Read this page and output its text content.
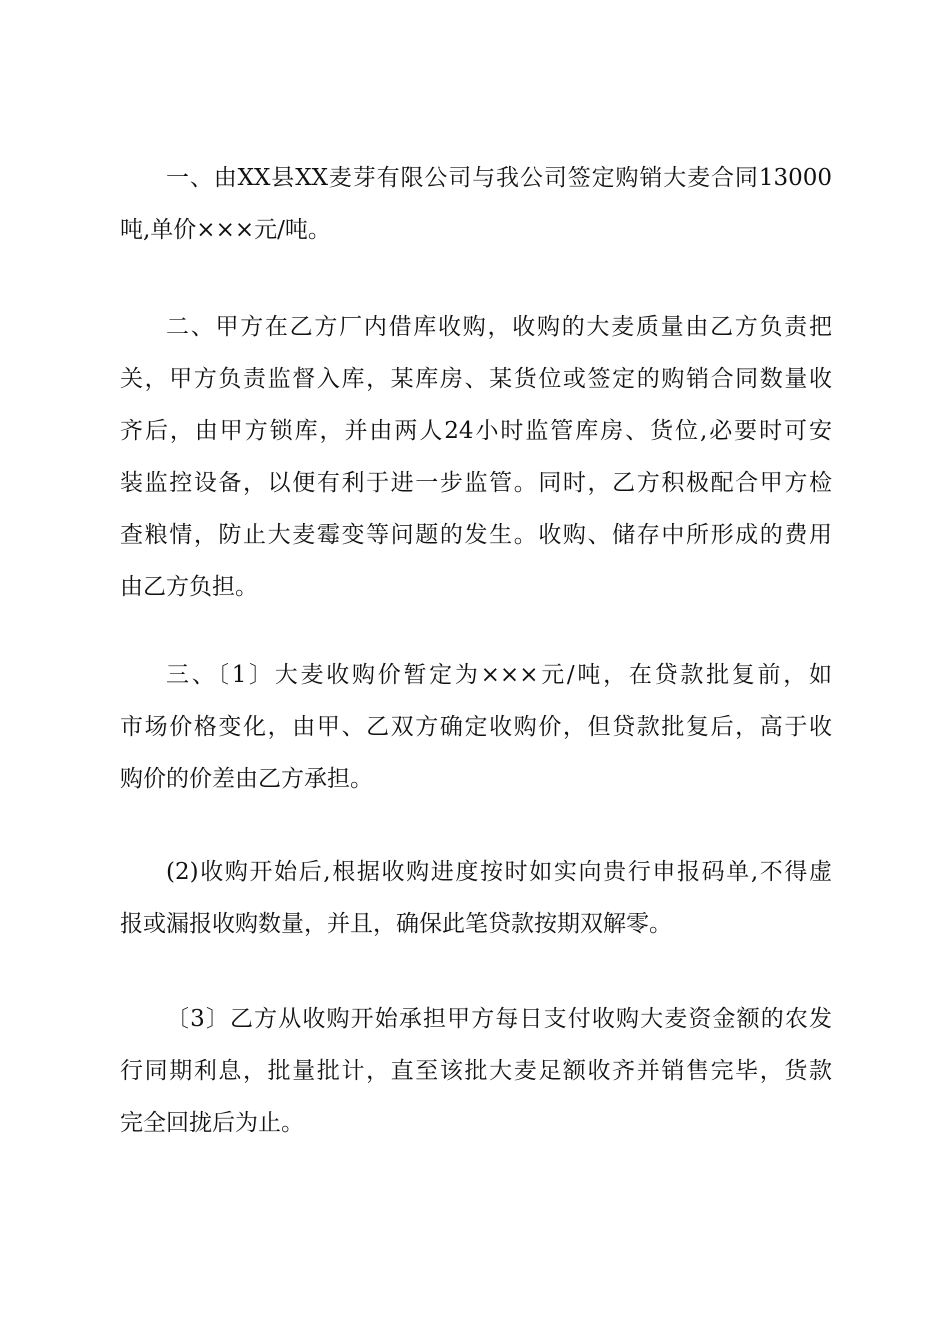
一、由XX县XX麦芽有限公司与我公司签定购销大麦合同13000
吨,单价×××元/吨。
二、甲方在乙方厂内借库收购，收购的大麦质量由乙方负责把
关，甲方负责监督入库，某库房、某货位或签定的购销合同数量收
齐后，由甲方锁库，并由两人24小时监管库房、货位,必要时可安
装监控设备，以便有利于进一步监管。同时，乙方积极配合甲方检
查粮情，防止大麦霉变等问题的发生。收购、储存中所形成的费用
由乙方负担。
三、〔1〕大麦收购价暂定为×××元/吨，在贷款批复前，如
市场价格变化，由甲、乙双方确定收购价，但贷款批复后，高于收
购价的价差由乙方承担。
(2)收购开始后,根据收购进度按时如实向贵行申报码单,不得虚
报或漏报收购数量，并且，确保此笔贷款按期双解零。
〔3〕乙方从收购开始承担甲方每日支付收购大麦资金额的农发
行同期利息，批量批计，直至该批大麦足额收齐并销售完毕，货款
完全回拢后为止。
